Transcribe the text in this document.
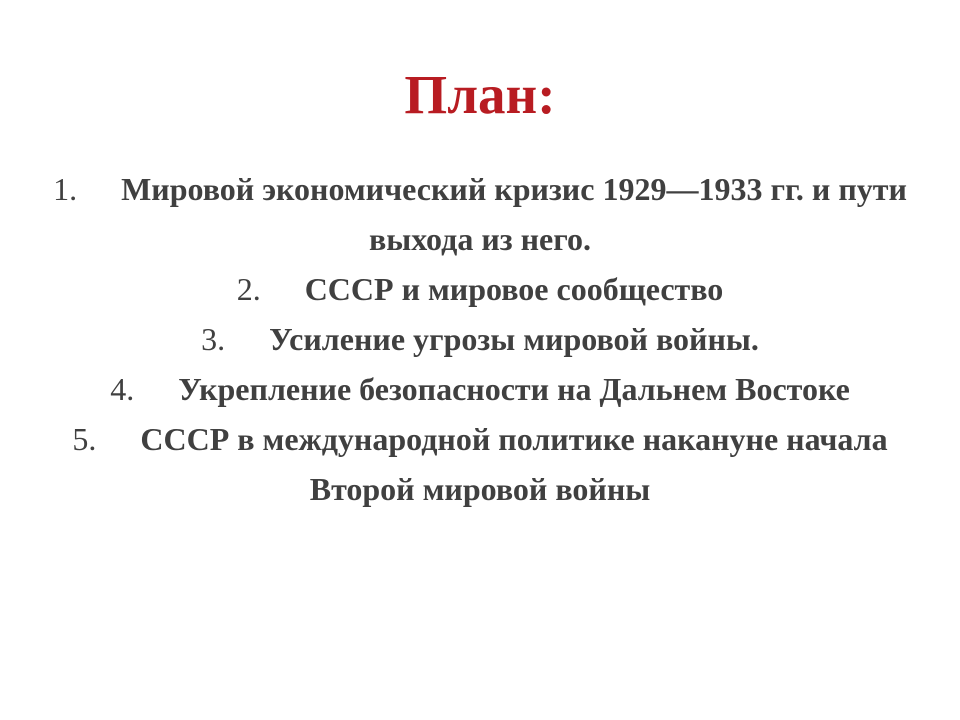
План:
1. Мировой экономический кризис 1929—1933 гг. и пути выхода из него.
2. СССР и мировое сообщество
3. Усиление угрозы мировой войны.
4. Укрепление безопасности на Дальнем Востоке
5. СССР в международной политике накануне начала Второй мировой войны
